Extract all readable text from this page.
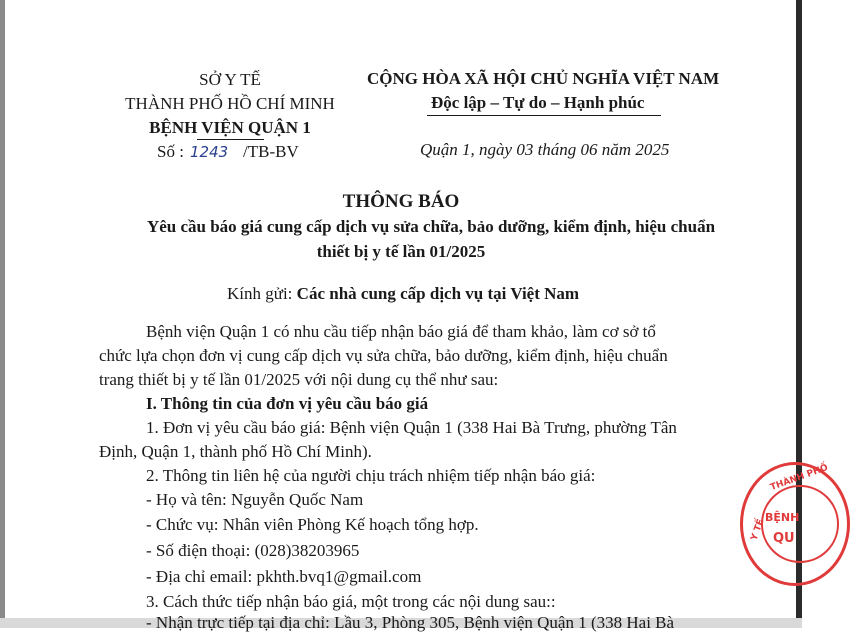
SỞ Y TẾ
THÀNH PHỐ HỒ CHÍ MINH
BỆNH VIỆN QUẬN 1
Số : 1243 /TB-BV
CỘNG HÒA XÃ HỘI CHỦ NGHĨA VIỆT NAM
Độc lập – Tự do – Hạnh phúc
Quận 1, ngày 03 tháng 06 năm 2025
THÔNG BÁO
Yêu cầu báo giá cung cấp dịch vụ sửa chữa, bảo dưỡng, kiểm định, hiệu chuẩn
thiết bị y tế lần 01/2025
Kính gửi: Các nhà cung cấp dịch vụ tại Việt Nam
Bệnh viện Quận 1 có nhu cầu tiếp nhận báo giá để tham khảo, làm cơ sở tổ
chức lựa chọn đơn vị cung cấp dịch vụ sửa chữa, bảo dưỡng, kiểm định, hiệu chuẩn
trang thiết bị y tế lần 01/2025 với nội dung cụ thể như sau:
I. Thông tin của đơn vị yêu cầu báo giá
1. Đơn vị yêu cầu báo giá: Bệnh viện Quận 1 (338 Hai Bà Trưng, phường Tân
Định, Quận 1, thành phố Hồ Chí Minh).
2. Thông tin liên hệ của người chịu trách nhiệm tiếp nhận báo giá:
- Họ và tên: Nguyễn Quốc Nam
- Chức vụ: Nhân viên Phòng Kế hoạch tổng hợp.
- Số điện thoại: (028)38203965
- Địa chỉ email: pkhth.bvq1@gmail.com
3. Cách thức tiếp nhận báo giá, một trong các nội dung sau::
- Nhận trực tiếp tại địa chỉ: Lầu 3, Phòng 305, Bệnh viện Quận 1 (338 Hai Bà
THÀNH PHỐ
BỆNH
QU
Y TẾ
